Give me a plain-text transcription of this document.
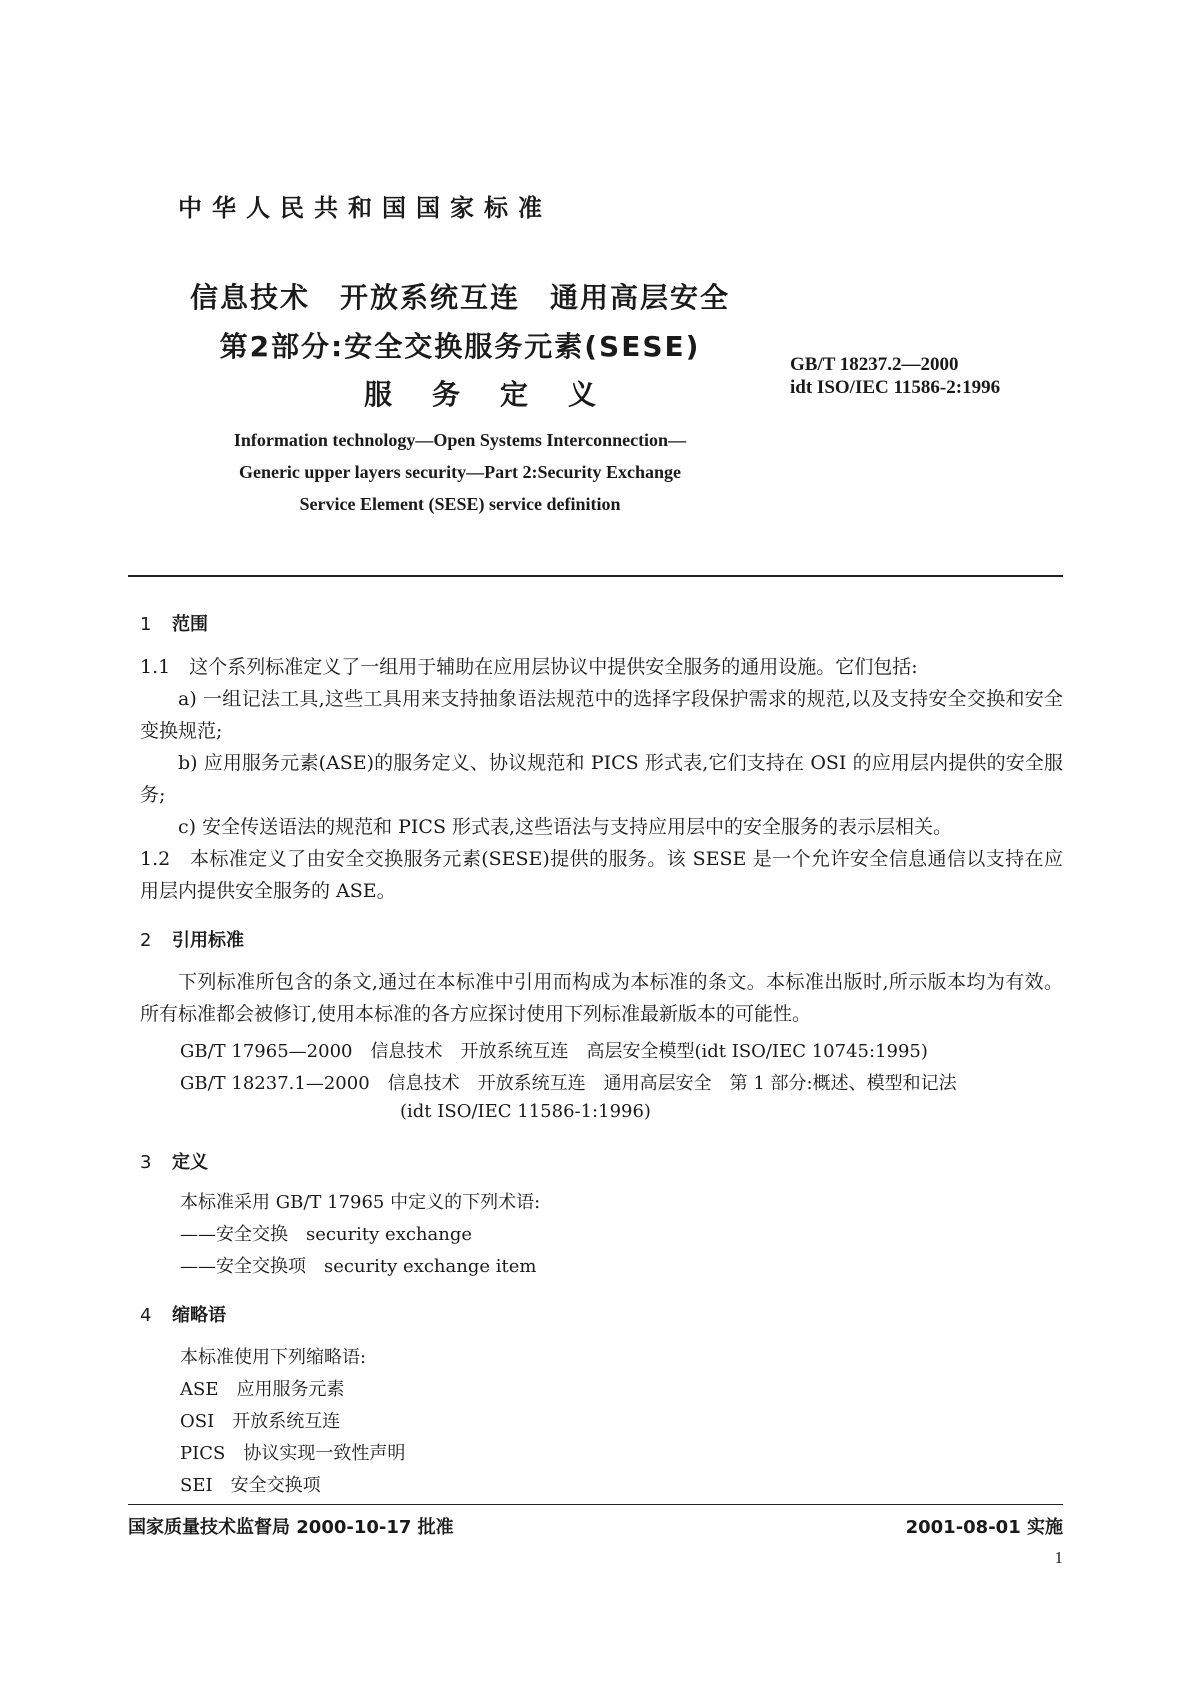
中华人民共和国国家标准
信息技术　开放系统互连　通用高层安全
第2部分:安全交换服务元素(SESE)
服务定义
GB/T 18237.2—2000
idt ISO/IEC 11586-2:1996
Information technology—Open Systems Interconnection—
Generic upper layers security—Part 2:Security Exchange
Service Element (SESE) service definition
1 范围
1.1　这个系列标准定义了一组用于辅助在应用层协议中提供安全服务的通用设施。它们包括:
a) 一组记法工具,这些工具用来支持抽象语法规范中的选择字段保护需求的规范,以及支持安全交换和安全变换规范;
b) 应用服务元素(ASE)的服务定义、协议规范和 PICS 形式表,它们支持在 OSI 的应用层内提供的安全服务;
c) 安全传送语法的规范和 PICS 形式表,这些语法与支持应用层中的安全服务的表示层相关。
1.2　本标准定义了由安全交换服务元素(SESE)提供的服务。该 SESE 是一个允许安全信息通信以支持在应用层内提供安全服务的 ASE。
2 引用标准
下列标准所包含的条文,通过在本标准中引用而构成为本标准的条文。本标准出版时,所示版本均为有效。所有标准都会被修订,使用本标准的各方应探讨使用下列标准最新版本的可能性。
GB/T 17965—2000　信息技术　开放系统互连　高层安全模型(idt ISO/IEC 10745:1995)
GB/T 18237.1—2000　信息技术　开放系统互连　通用高层安全　第 1 部分:概述、模型和记法
(idt ISO/IEC 11586-1:1996)
3 定义
本标准采用 GB/T 17965 中定义的下列术语:
——安全交换　security exchange
——安全交换项　security exchange item
4 缩略语
本标准使用下列缩略语:
ASE 应用服务元素
OSI 开放系统互连
PICS 协议实现一致性声明
SEI 安全交换项
国家质量技术监督局 2000-10-17 批准	2001-08-01 实施
1
